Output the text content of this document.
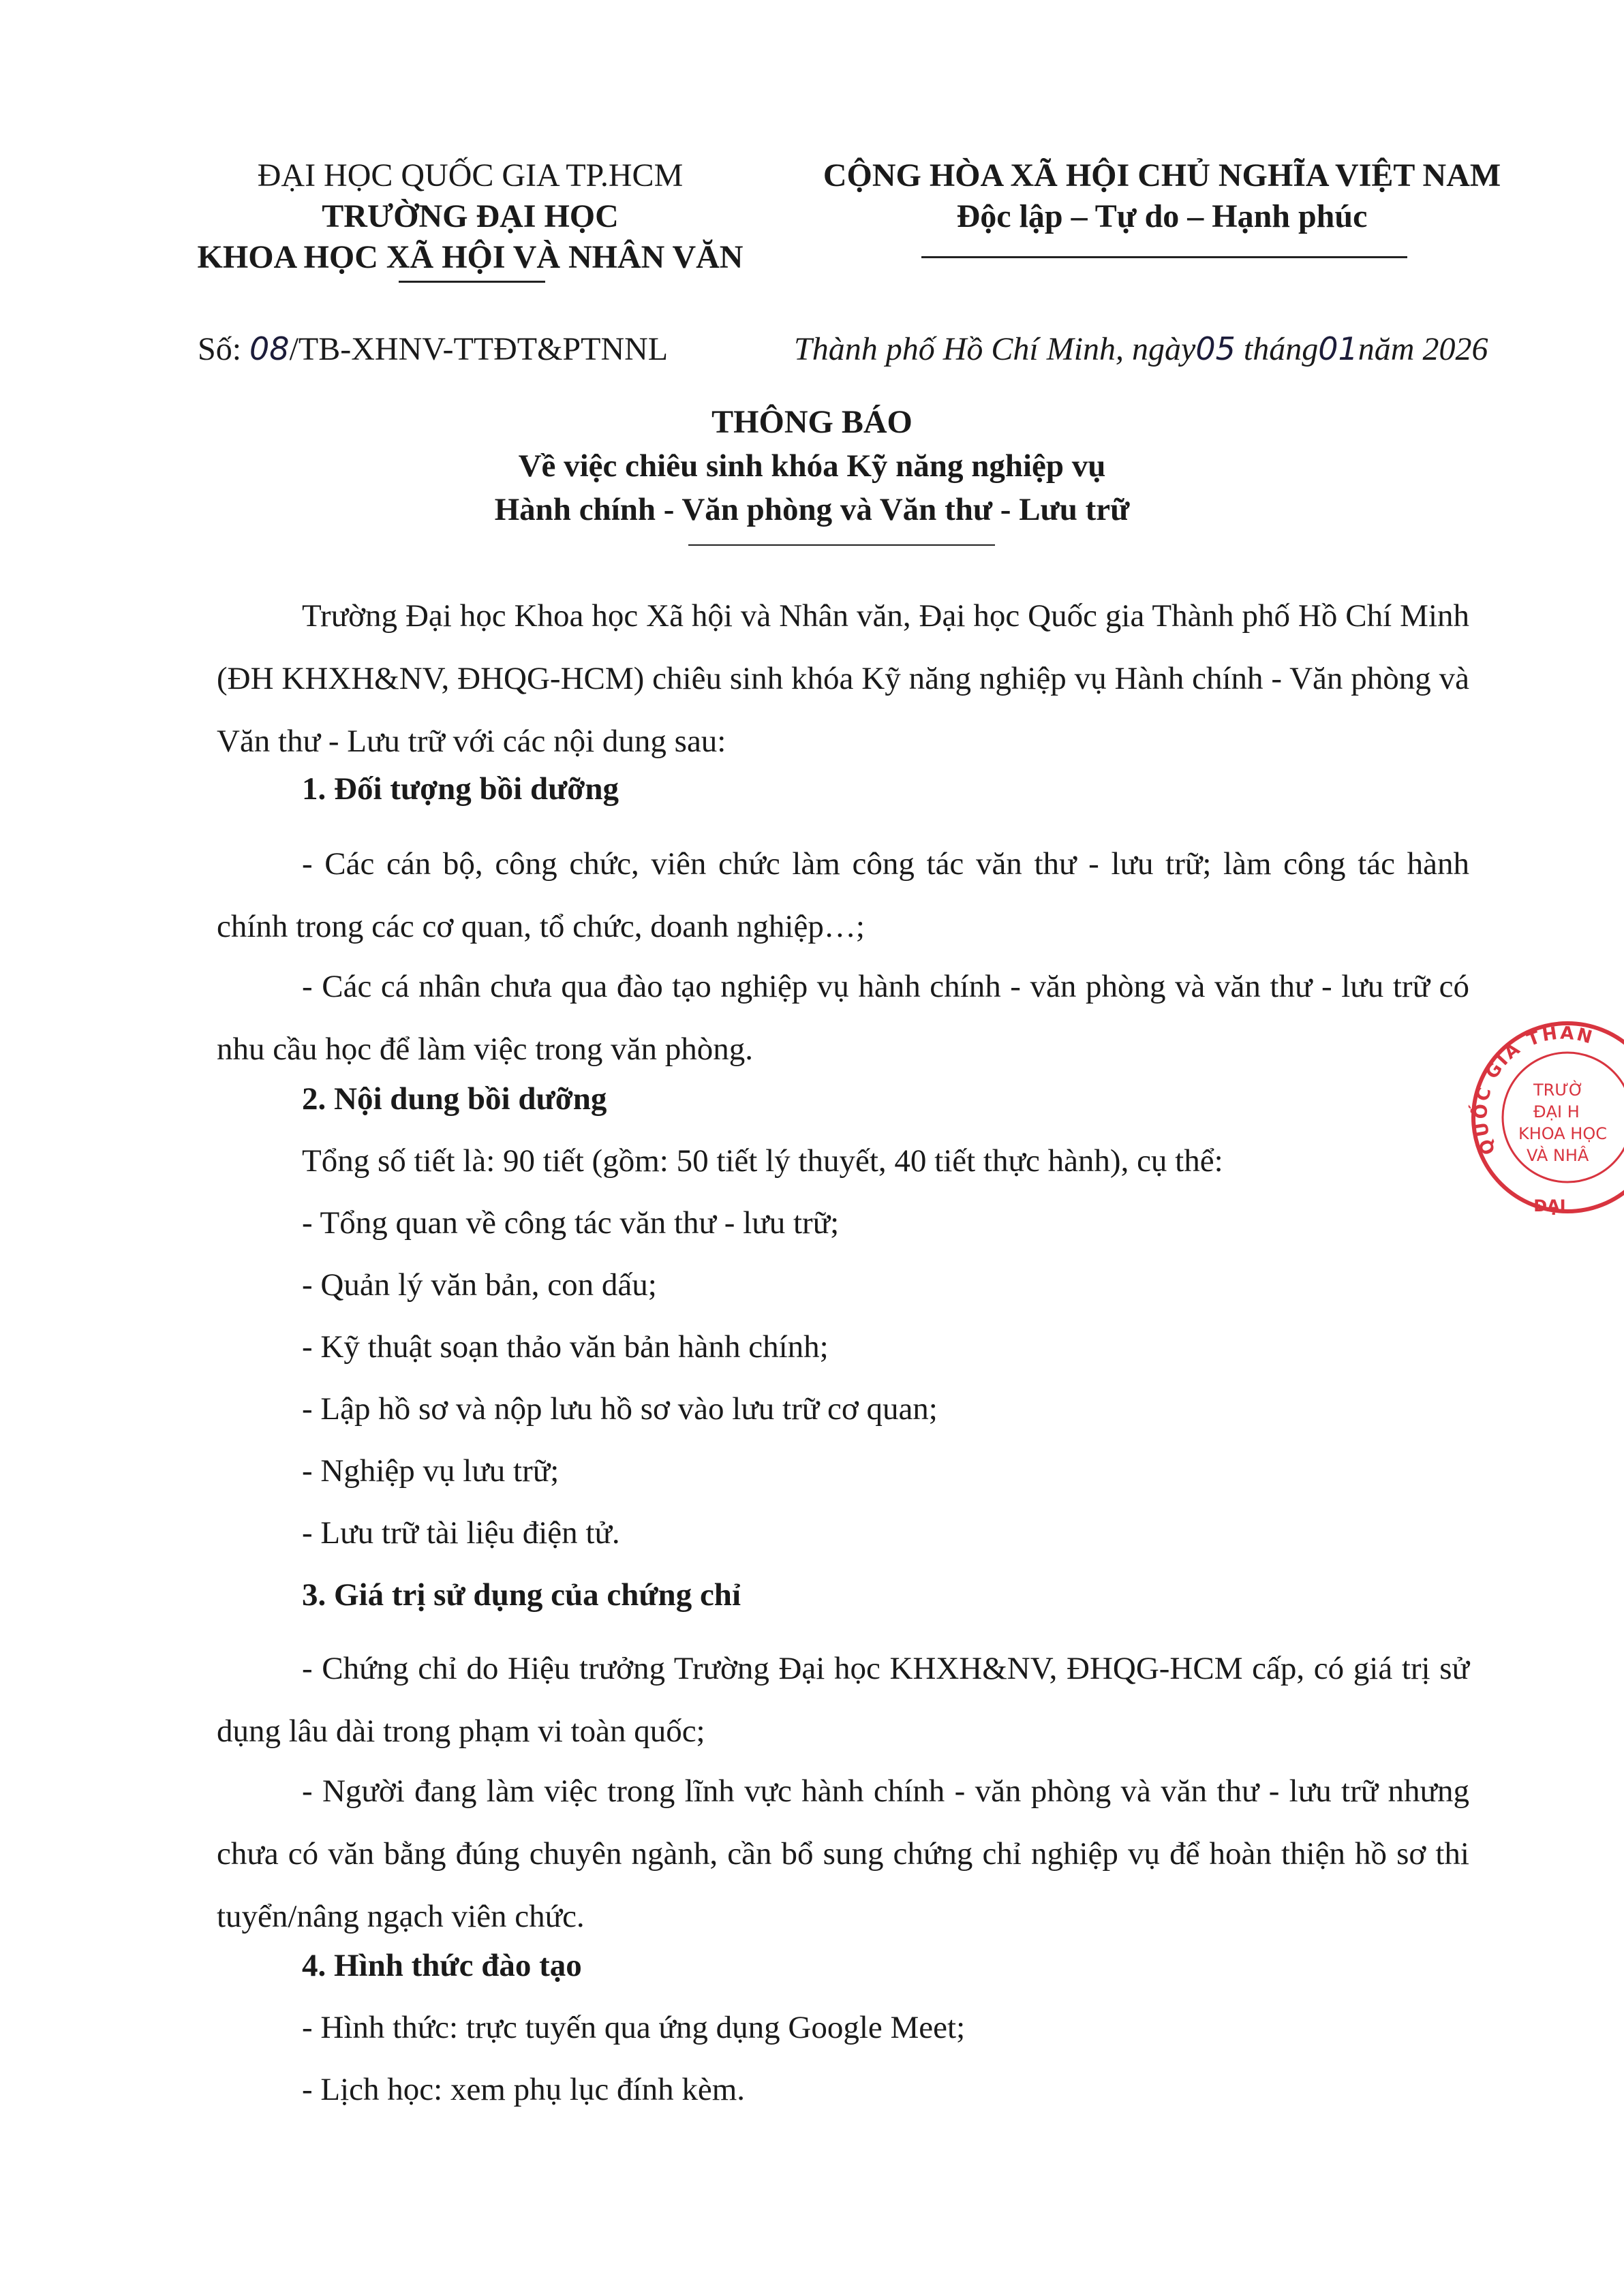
ĐẠI HỌC QUỐC GIA TP.HCM
TRƯỜNG ĐẠI HỌC
KHOA HỌC XÃ HỘI VÀ NHÂN VĂN
CỘNG HÒA XÃ HỘI CHỦ NGHĨA VIỆT NAM
Độc lập – Tự do – Hạnh phúc
Số: 08/TB-XHNV-TTĐT&PTNNL	Thành phố Hồ Chí Minh, ngày05 tháng01năm 2026
THÔNG BÁO
Về việc chiêu sinh khóa Kỹ năng nghiệp vụ
Hành chính - Văn phòng và Văn thư - Lưu trữ
Trường Đại học Khoa học Xã hội và Nhân văn, Đại học Quốc gia Thành phố Hồ Chí Minh (ĐH KHXH&NV, ĐHQG-HCM) chiêu sinh khóa Kỹ năng nghiệp vụ Hành chính - Văn phòng và Văn thư - Lưu trữ với các nội dung sau:
1. Đối tượng bồi dưỡng
- Các cán bộ, công chức, viên chức làm công tác văn thư - lưu trữ; làm công tác hành chính trong các cơ quan, tổ chức, doanh nghiệp…;
- Các cá nhân chưa qua đào tạo nghiệp vụ hành chính - văn phòng và văn thư - lưu trữ có nhu cầu học để làm việc trong văn phòng.
2. Nội dung bồi dưỡng
Tổng số tiết là: 90 tiết (gồm: 50 tiết lý thuyết, 40 tiết thực hành), cụ thể:
- Tổng quan về công tác văn thư - lưu trữ;
- Quản lý văn bản, con dấu;
- Kỹ thuật soạn thảo văn bản hành chính;
- Lập hồ sơ và nộp lưu hồ sơ vào lưu trữ cơ quan;
- Nghiệp vụ lưu trữ;
- Lưu trữ tài liệu điện tử.
3. Giá trị sử dụng của chứng chỉ
- Chứng chỉ do Hiệu trưởng Trường Đại học KHXH&NV, ĐHQG-HCM cấp, có giá trị sử dụng lâu dài trong phạm vi toàn quốc;
- Người đang làm việc trong lĩnh vực hành chính - văn phòng và văn thư - lưu trữ nhưng chưa có văn bằng đúng chuyên ngành, cần bổ sung chứng chỉ nghiệp vụ để hoàn thiện hồ sơ thi tuyển/nâng ngạch viên chức.
4. Hình thức đào tạo
- Hình thức: trực tuyến qua ứng dụng Google Meet;
- Lịch học: xem phụ lục đính kèm.
QUỐC GIA THÀN
ĐẠI
TRƯỜ
ĐẠI H
KHOA HỌC
VÀ NHÂ
